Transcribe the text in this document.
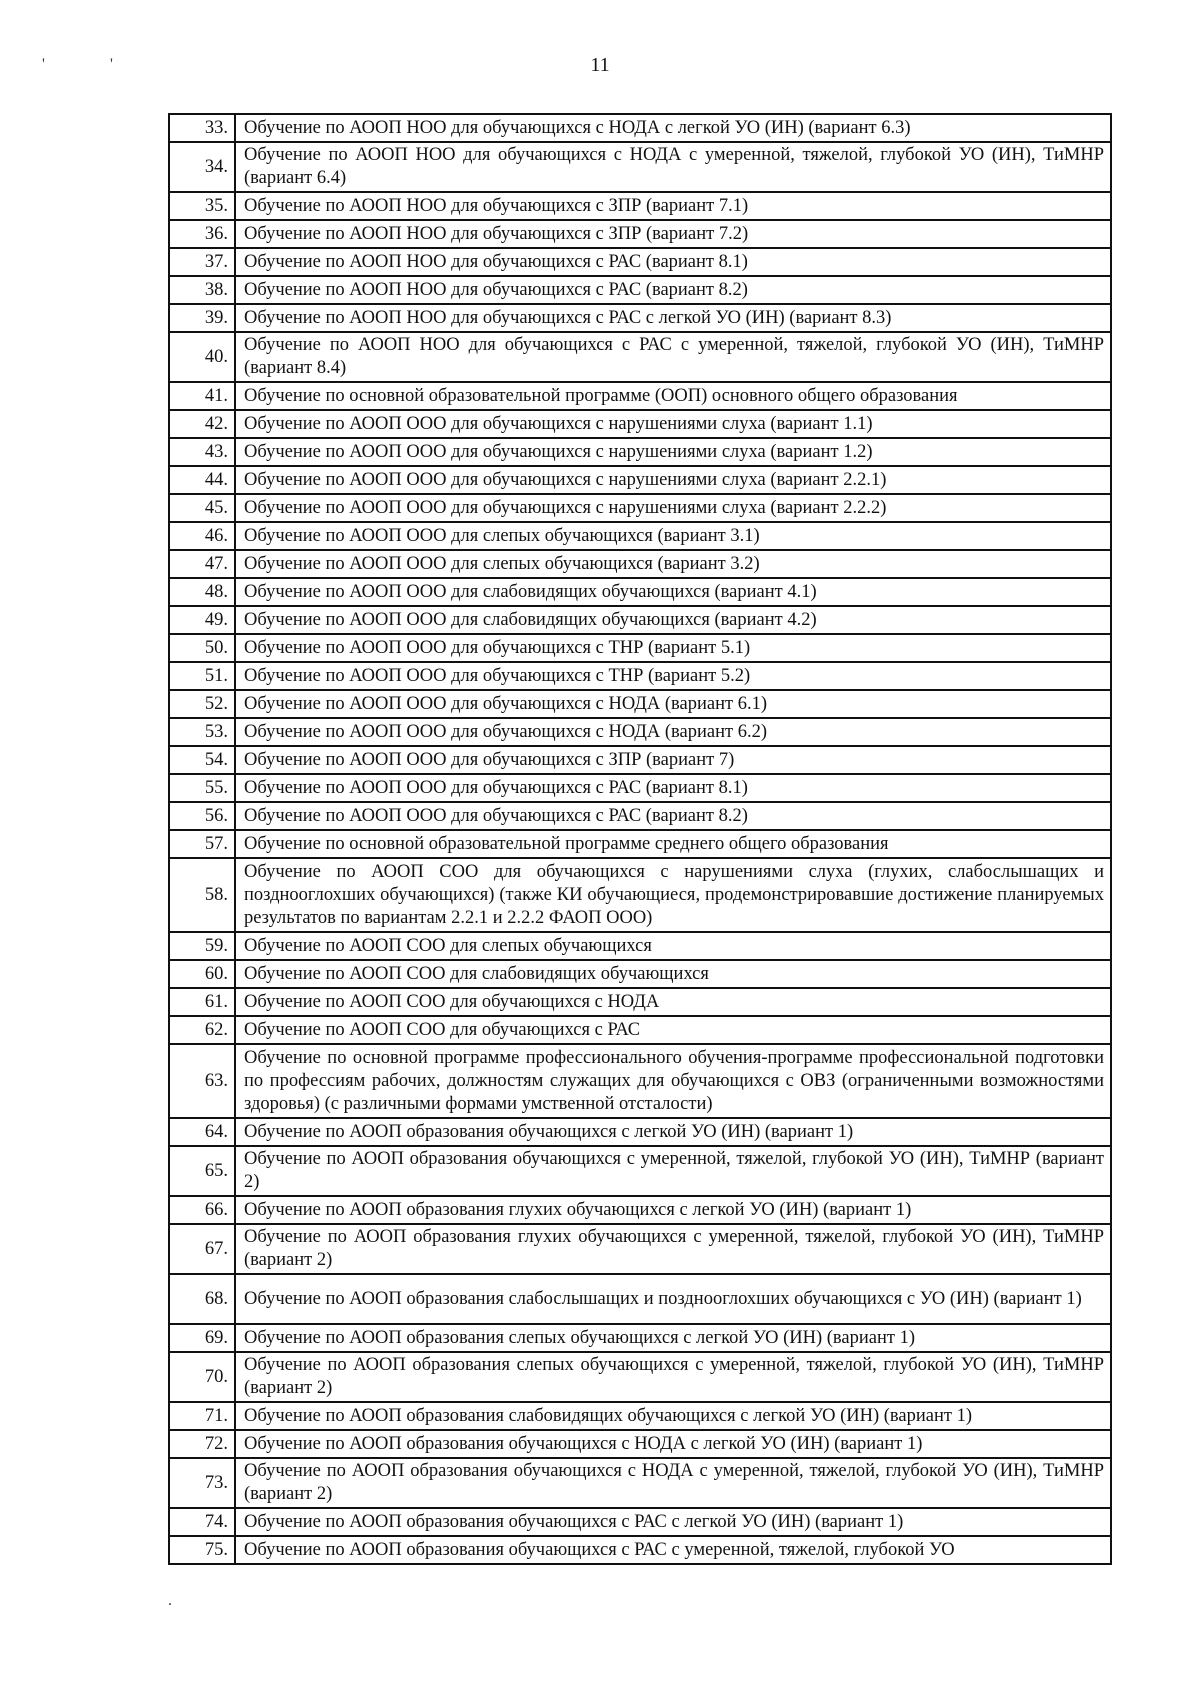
'	'	11
33.	Обучение по АООП НОО для обучающихся с НОДА с легкой УО (ИН) (вариант 6.3)
34.	Обучение по АООП НОО для обучающихся с НОДА с умеренной, тяжелой, глубокой УО (ИН), ТиМНР (вариант 6.4)
35.	Обучение по АООП НОО для обучающихся с ЗПР (вариант 7.1)
36.	Обучение по АООП НОО для обучающихся с ЗПР (вариант 7.2)
37.	Обучение по АООП НОО для обучающихся с РАС (вариант 8.1)
38.	Обучение по АООП НОО для обучающихся с РАС (вариант 8.2)
39.	Обучение по АООП НОО для обучающихся с РАС с легкой УО (ИН) (вариант 8.3)
40.	Обучение по АООП НОО для обучающихся с РАС с умеренной, тяжелой, глубокой УО (ИН), ТиМНР (вариант 8.4)
41.	Обучение по основной образовательной программе (ООП) основного общего образования
42.	Обучение по АООП ООО для обучающихся с нарушениями слуха (вариант 1.1)
43.	Обучение по АООП ООО для обучающихся с нарушениями слуха (вариант 1.2)
44.	Обучение по АООП ООО для обучающихся с нарушениями слуха (вариант 2.2.1)
45.	Обучение по АООП ООО для обучающихся с нарушениями слуха (вариант 2.2.2)
46.	Обучение по АООП ООО для слепых обучающихся (вариант 3.1)
47.	Обучение по АООП ООО для слепых обучающихся (вариант 3.2)
48.	Обучение по АООП ООО для слабовидящих обучающихся (вариант 4.1)
49.	Обучение по АООП ООО для слабовидящих обучающихся (вариант 4.2)
50.	Обучение по АООП ООО для обучающихся с ТНР (вариант 5.1)
51.	Обучение по АООП ООО для обучающихся с ТНР (вариант 5.2)
52.	Обучение по АООП ООО для обучающихся с НОДА (вариант 6.1)
53.	Обучение по АООП ООО для обучающихся с НОДА (вариант 6.2)
54.	Обучение по АООП ООО для обучающихся с ЗПР (вариант 7)
55.	Обучение по АООП ООО для обучающихся с РАС (вариант 8.1)
56.	Обучение по АООП ООО для обучающихся с РАС (вариант 8.2)
57.	Обучение по основной образовательной программе среднего общего образования
58.	Обучение по АООП СОО для обучающихся с нарушениями слуха (глухих, слабослышащих и позднооглохших обучающихся) (также КИ обучающиеся, продемонстрировавшие достижение планируемых результатов по вариантам 2.2.1 и 2.2.2 ФАОП ООО)
59.	Обучение по АООП СОО для слепых обучающихся
60.	Обучение по АООП СОО для слабовидящих обучающихся
61.	Обучение по АООП СОО для обучающихся с НОДА
62.	Обучение по АООП СОО для обучающихся с РАС
63.	Обучение по основной программе профессионального обучения-программе профессиональной подготовки по профессиям рабочих, должностям служащих для обучающихся с ОВЗ (ограниченными возможностями здоровья) (с различными формами умственной отсталости)
64.	Обучение по АООП образования обучающихся с легкой УО (ИН) (вариант 1)
65.	Обучение по АООП образования обучающихся с умеренной, тяжелой, глубокой УО (ИН), ТиМНР (вариант 2)
66.	Обучение по АООП образования глухих обучающихся с легкой УО (ИН) (вариант 1)
67.	Обучение по АООП образования глухих обучающихся с умеренной, тяжелой, глубокой УО (ИН), ТиМНР (вариант 2)
68.	Обучение по АООП образования слабослышащих и позднооглохших обучающихся с УО (ИН) (вариант 1)
69.	Обучение по АООП образования слепых обучающихся с легкой УО (ИН) (вариант 1)
70.	Обучение по АООП образования слепых обучающихся с умеренной, тяжелой, глубокой УО (ИН), ТиМНР (вариант 2)
71.	Обучение по АООП образования слабовидящих обучающихся с легкой УО (ИН) (вариант 1)
72.	Обучение по АООП образования обучающихся с НОДА с легкой УО (ИН) (вариант 1)
73.	Обучение по АООП образования обучающихся с НОДА с умеренной, тяжелой, глубокой УО (ИН), ТиМНР (вариант 2)
74.	Обучение по АООП образования обучающихся с РАС с легкой УО (ИН) (вариант 1)
75.	Обучение по АООП образования обучающихся с РАС с умеренной, тяжелой, глубокой УО
.
